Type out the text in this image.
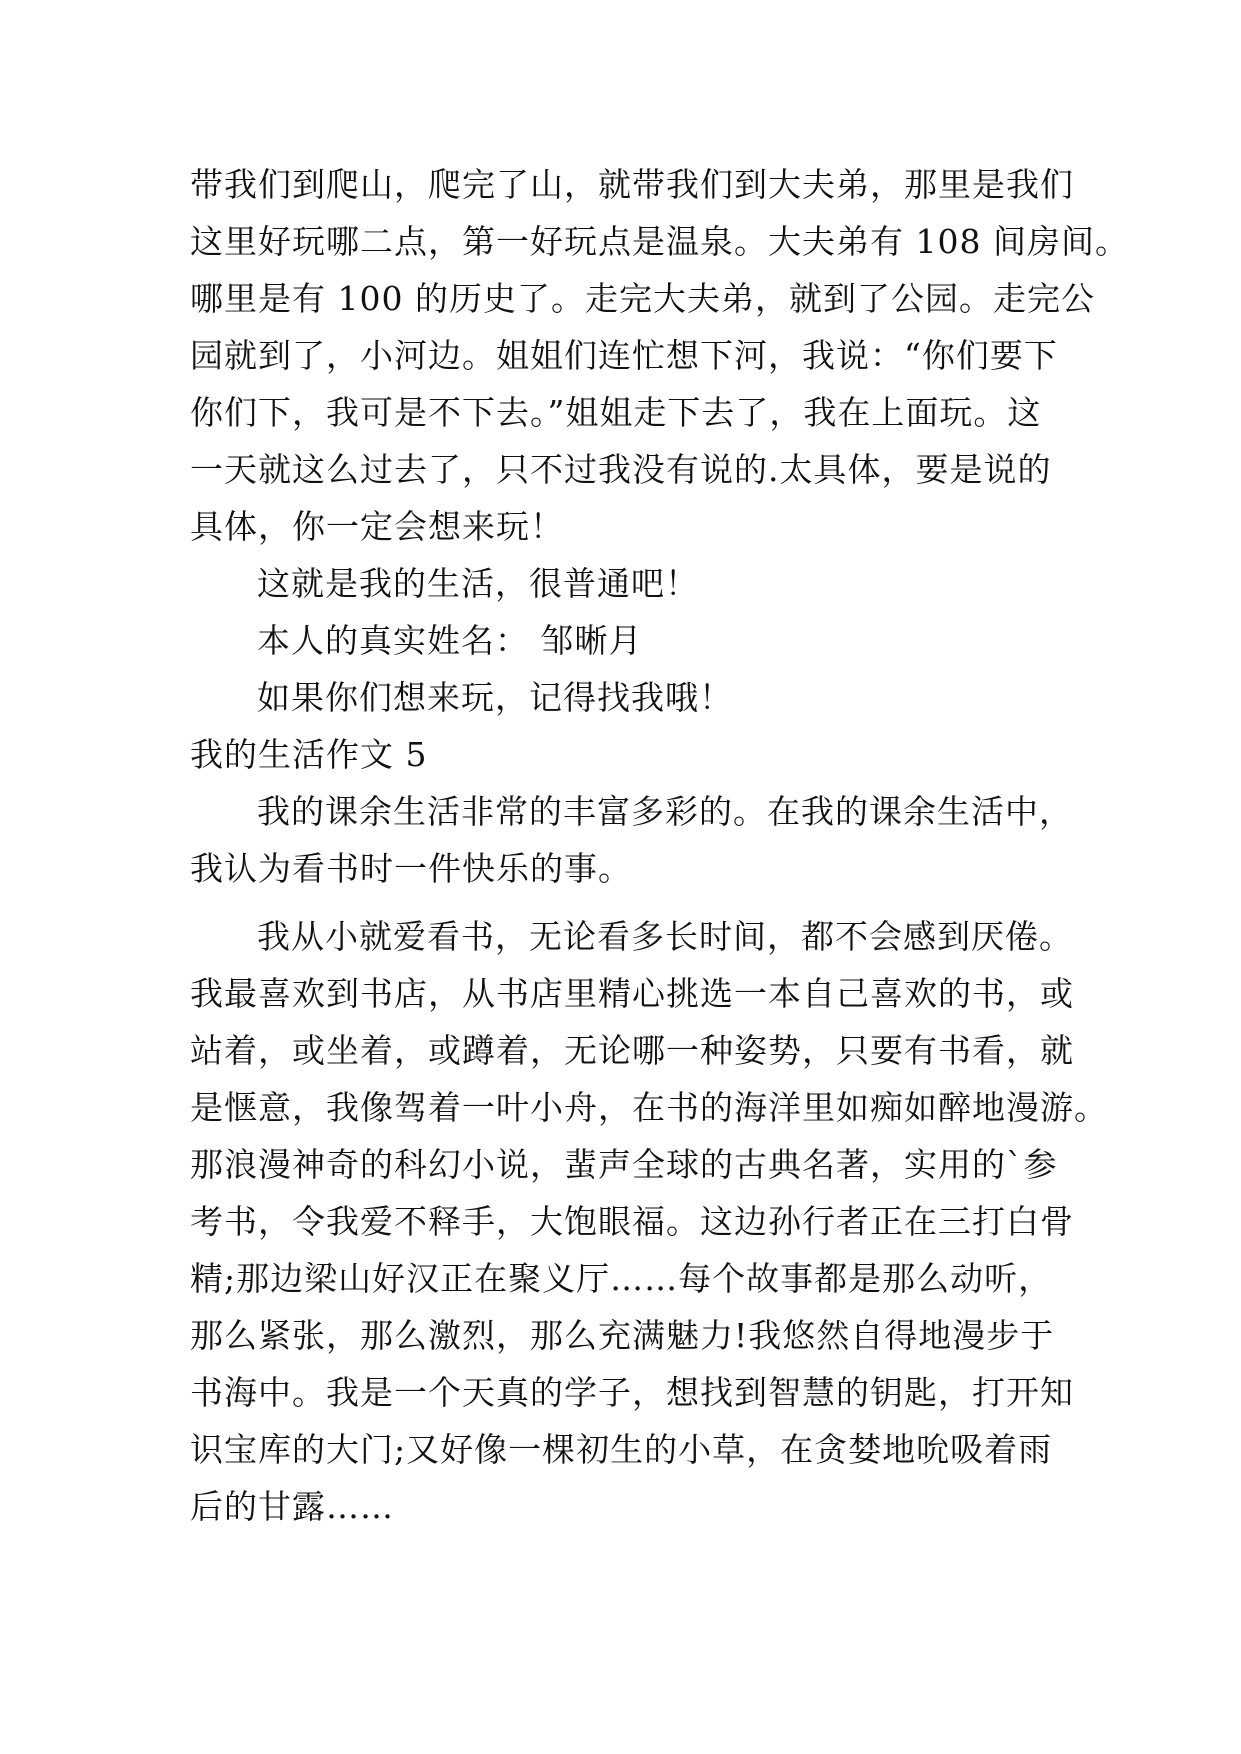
带我们到爬山，爬完了山，就带我们到大夫弟，那里是我们
这里好玩哪二点，第一好玩点是温泉。大夫弟有 108 间房间。
哪里是有 100 的历史了。走完大夫弟，就到了公园。走完公
园就到了，小河边。姐姐们连忙想下河，我说：“你们要下
你们下，我可是不下去。”姐姐走下去了，我在上面玩。这
一天就这么过去了，只不过我没有说的.太具体，要是说的
具体，你一定会想来玩！
这就是我的生活，很普通吧！
本人的真实姓名： 邹晰月
如果你们想来玩，记得找我哦！
我的生活作文 5
我的课余生活非常的丰富多彩的。在我的课余生活中，
我认为看书时一件快乐的事。
我从小就爱看书，无论看多长时间，都不会感到厌倦。
我最喜欢到书店，从书店里精心挑选一本自己喜欢的书，或
站着，或坐着，或蹲着，无论哪一种姿势，只要有书看，就
是惬意，我像驾着一叶小舟，在书的海洋里如痴如醉地漫游。
那浪漫神奇的科幻小说，蜚声全球的古典名著，实用的`参
考书，令我爱不释手，大饱眼福。这边孙行者正在三打白骨
精;那边梁山好汉正在聚义厅……每个故事都是那么动听，
那么紧张，那么激烈，那么充满魅力!我悠然自得地漫步于
书海中。我是一个天真的学子，想找到智慧的钥匙，打开知
识宝库的大门;又好像一棵初生的小草，在贪婪地吮吸着雨
后的甘露……
